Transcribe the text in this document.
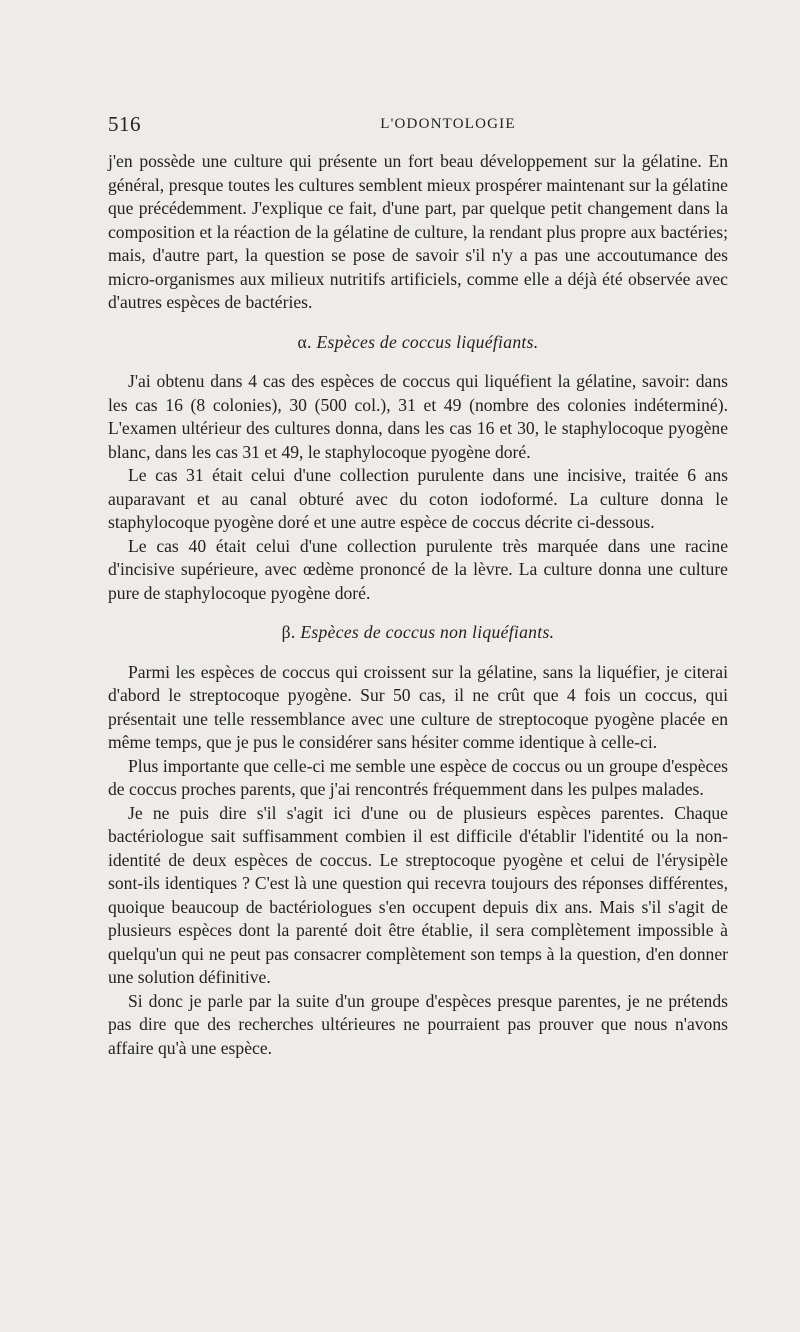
516	L'ODONTOLOGIE

j'en possède une culture qui présente un fort beau développement sur la gélatine. En général, presque toutes les cultures semblent mieux prospérer maintenant sur la gélatine que précédemment. J'explique ce fait, d'une part, par quelque petit changement dans la composition et la réaction de la gélatine de culture, la rendant plus propre aux bactéries; mais, d'autre part, la question se pose de savoir s'il n'y a pas une accoutumance des micro-organismes aux milieux nutritifs artificiels, comme elle a déjà été observée avec d'autres espèces de bactéries.

α. Espèces de coccus liquéfiants.

J'ai obtenu dans 4 cas des espèces de coccus qui liquéfient la gélatine, savoir: dans les cas 16 (8 colonies), 30 (500 col.), 31 et 49 (nombre des colonies indéterminé). L'examen ultérieur des cultures donna, dans les cas 16 et 30, le staphylocoque pyogène blanc, dans les cas 31 et 49, le staphylocoque pyogène doré.

Le cas 31 était celui d'une collection purulente dans une incisive, traitée 6 ans auparavant et au canal obturé avec du coton iodoformé. La culture donna le staphylocoque pyogène doré et une autre espèce de coccus décrite ci-dessous.

Le cas 40 était celui d'une collection purulente très marquée dans une racine d'incisive supérieure, avec œdème prononcé de la lèvre. La culture donna une culture pure de staphylocoque pyogène doré.

β. Espèces de coccus non liquéfiants.

Parmi les espèces de coccus qui croissent sur la gélatine, sans la liquéfier, je citerai d'abord le streptocoque pyogène. Sur 50 cas, il ne crût que 4 fois un coccus, qui présentait une telle ressemblance avec une culture de streptocoque pyogène placée en même temps, que je pus le considérer sans hésiter comme identique à celle-ci.

Plus importante que celle-ci me semble une espèce de coccus ou un groupe d'espèces de coccus proches parents, que j'ai rencontrés fréquemment dans les pulpes malades.

Je ne puis dire s'il s'agit ici d'une ou de plusieurs espèces parentes. Chaque bactériologue sait suffisamment combien il est difficile d'établir l'identité ou la non-identité de deux espèces de coccus. Le streptocoque pyogène et celui de l'érysipèle sont-ils identiques ? C'est là une question qui recevra toujours des réponses différentes, quoique beaucoup de bactériologues s'en occupent depuis dix ans. Mais s'il s'agit de plusieurs espèces dont la parenté doit être établie, il sera complètement impossible à quelqu'un qui ne peut pas consacrer complètement son temps à la question, d'en donner une solution définitive.

Si donc je parle par la suite d'un groupe d'espèces presque parentes, je ne prétends pas dire que des recherches ultérieures ne pourraient pas prouver que nous n'avons affaire qu'à une espèce.
